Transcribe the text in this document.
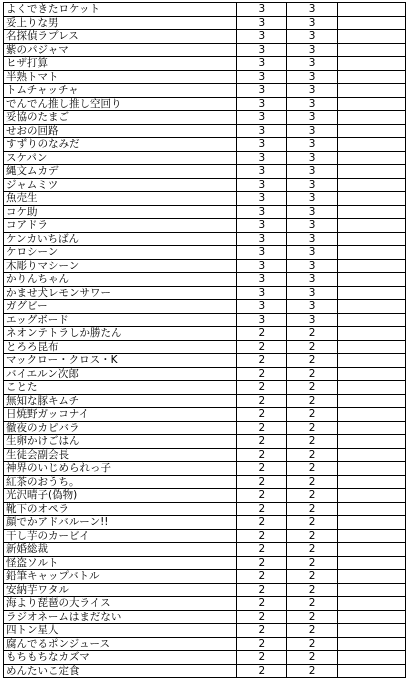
よくできたロケット	3	3	
妥上りな男	3	3	
名探偵ラプレス	3	3	
紫のパジャマ	3	3	
ヒザ打算	3	3	
半熟トマト	3	3	
トムチャッチャ	3	3	
でんでん推し推し空回り	3	3	
妥協のたまご	3	3	
せおの回路	3	3	
すずりのなみだ	3	3	
スケパン	3	3	
縄文ムカデ	3	3	
ジャムミツ	3	3	
魚売生	3	3	
コケ助	3	3	
コアドラ	3	3	
ケンカいちばん	3	3	
ケロシーン	3	3	
木彫りマシーン	3	3	
かりんちゃん	3	3	
かませ犬レモンサワー	3	3	
ガグビー	3	3	
エッグボード	3	3	
ネオンテトラしか勝たん	2	2	
とろろ昆布	2	2	
マックロー・クロス・K	2	2	
バイエルン次郎	2	2	
ことた	2	2	
無知な豚キムチ	2	2	
日焼野ガッコナイ	2	2	
徹夜のカピバラ	2	2	
生卵かけごはん	2	2	
生徒会副会長	2	2	
神界のいじめられっ子	2	2	
紅茶のおうち。	2	2	
光沢晴子(偽物)	2	2	
靴下のオペラ	2	2	
顔でかアドバルーン!!	2	2	
干し芋のカービイ	2	2	
新婚総裁	2	2	
怪盗ソルト	2	2	
鉛筆キャップバトル	2	2	
安納芋ワタル	2	2	
海より琵琶の大ライス	2	2	
ラジオネームはまだない	2	2	
四トン星人	2	2	
腐んでるポンジュース	2	2	
もちもちなカズマ	2	2	
めんたいこ定食	2	2	
